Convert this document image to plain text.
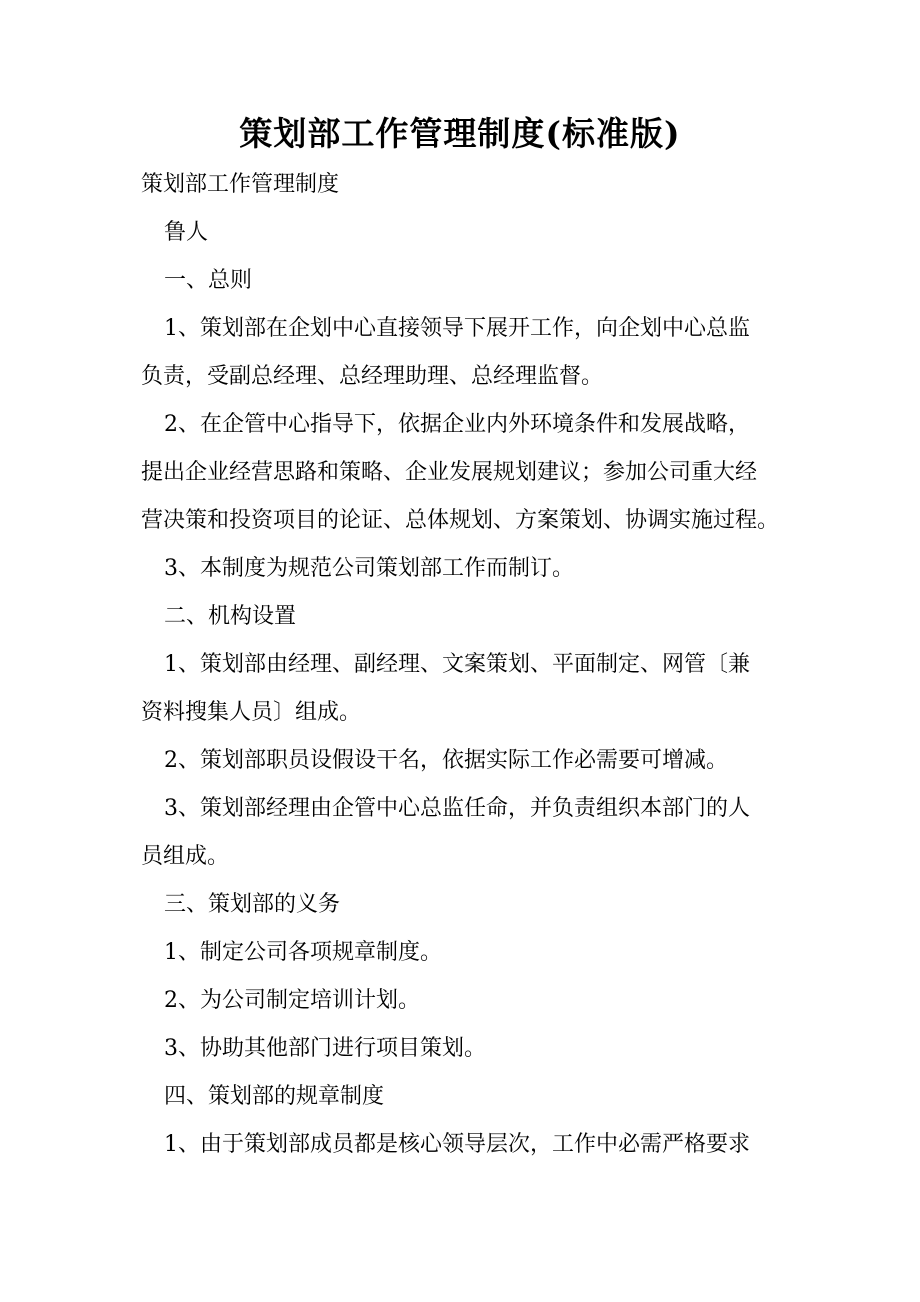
策划部工作管理制度(标准版)
策划部工作管理制度
鲁人
一、总则
1、策划部在企划中心直接领导下展开工作，向企划中心总监
负责，受副总经理、总经理助理、总经理监督。
2、在企管中心指导下，依据企业内外环境条件和发展战略，
提出企业经营思路和策略、企业发展规划建议；参加公司重大经
营决策和投资项目的论证、总体规划、方案策划、协调实施过程。
3、本制度为规范公司策划部工作而制订。
二、机构设置
1、策划部由经理、副经理、文案策划、平面制定、网管〔兼
资料搜集人员〕组成。
2、策划部职员设假设干名，依据实际工作必需要可增减。
3、策划部经理由企管中心总监任命，并负责组织本部门的人
员组成。
三、策划部的义务
1、制定公司各项规章制度。
2、为公司制定培训计划。
3、协助其他部门进行项目策划。
四、策划部的规章制度
1、由于策划部成员都是核心领导层次，工作中必需严格要求
